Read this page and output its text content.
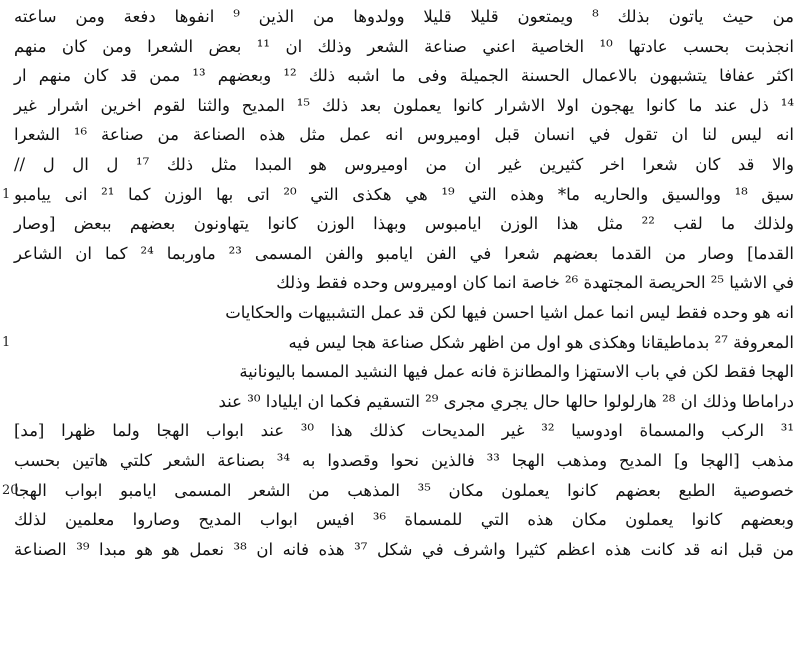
من حيث ياتون بذلك ⁸ ويمتعون قليلا قليلا وولدوها من الذين ⁹ انفوها دفعة ومن ساعته
انجذبت بحسب عادتها ¹⁰ الخاصية اعني صناعة الشعر وذلك ان ¹¹ بعض الشعرا ومن كان منهم
اكثر عفافا يتشبهون بالاعمال الحسنة الجميلة وفى ما اشبه ذلك ¹² وبعضهم ¹³ ممن قد كان منهم ار
¹⁴ ذل عند ما كانوا يهجون اولا الاشرار كانوا يعملون بعد ذلك ¹⁵ المديح والثنا لقوم اخرين اشرار غير
انه ليس لنا ان تقول في انسان قبل اوميروس انه عمل مثل هذه الصناعة من صناعة ¹⁶ الشعرا
والا قد كان شعرا اخر كثيرين غير ان من اوميروس هو المبدا مثل ذلك ¹⁷ ل ال ل //
1 سيق ¹⁸ ووالسيق والحاريه ما* وهذه التي ¹⁹ هي هكذى التي ²⁰ اتى بها الوزن كما ²¹ انى ييامبو
ولذلك ما لقب ²² مثل هذا الوزن ايامبوس وبهذا الوزن كانوا يتهاونون بعضهم ببعض [وصار
القدما] وصار من القدما بعضهم شعرا في الفن ايامبو والفن المسمى ²³ ماوربما ²⁴ كما ان الشاعر
في الاشيا ²⁵ الحريصة المجتهدة ²⁶ خاصة انما كان اوميروس وحده فقط وذلك
انه هو وحده فقط ليس انما عمل اشيا احسن فيها لكن قد عمل التشبيهات والحكايات
1	المعروفة ²⁷ بدماطيقانا وهكذى هو اول من اظهر شكل صناعة هجا ليس فيه
الهجا فقط لكن في باب الاستهزا والمطانزة فانه عمل فيها النشيد المسما باليونانية
دراماطا وذلك ان ²⁸ هارلولوا حالها حال يجري مجرى ²⁹ التسقيم فكما ان ايليادا ³⁰ عند
³¹ الركب والمسماة اودوسيا ³² غير المديحات كذلك هذا ³⁰ عند ابواب الهجا ولما ظهرا [مد]
مذهب [الهجا و] المديح ومذهب الهجا ³³ فالذين نحوا وقصدوا به ³⁴ بصناعة الشعر كلتي هاتين بحسب
20
خصوصية الطبع بعضهم كانوا يعملون مكان ³⁵ المذهب من الشعر المسمى ايامبو ابواب الهجا
وبعضهم كانوا يعملون مكان هذه التي للمسماة ³⁶ افيس ابواب المديح وصاروا معلمين لذلك
من قبل انه قد كانت هذه اعظم كثيرا واشرف في شكل ³⁷ هذه فانه ان ³⁸ نعمل هو هو مبدا ³⁹ الصناعة
